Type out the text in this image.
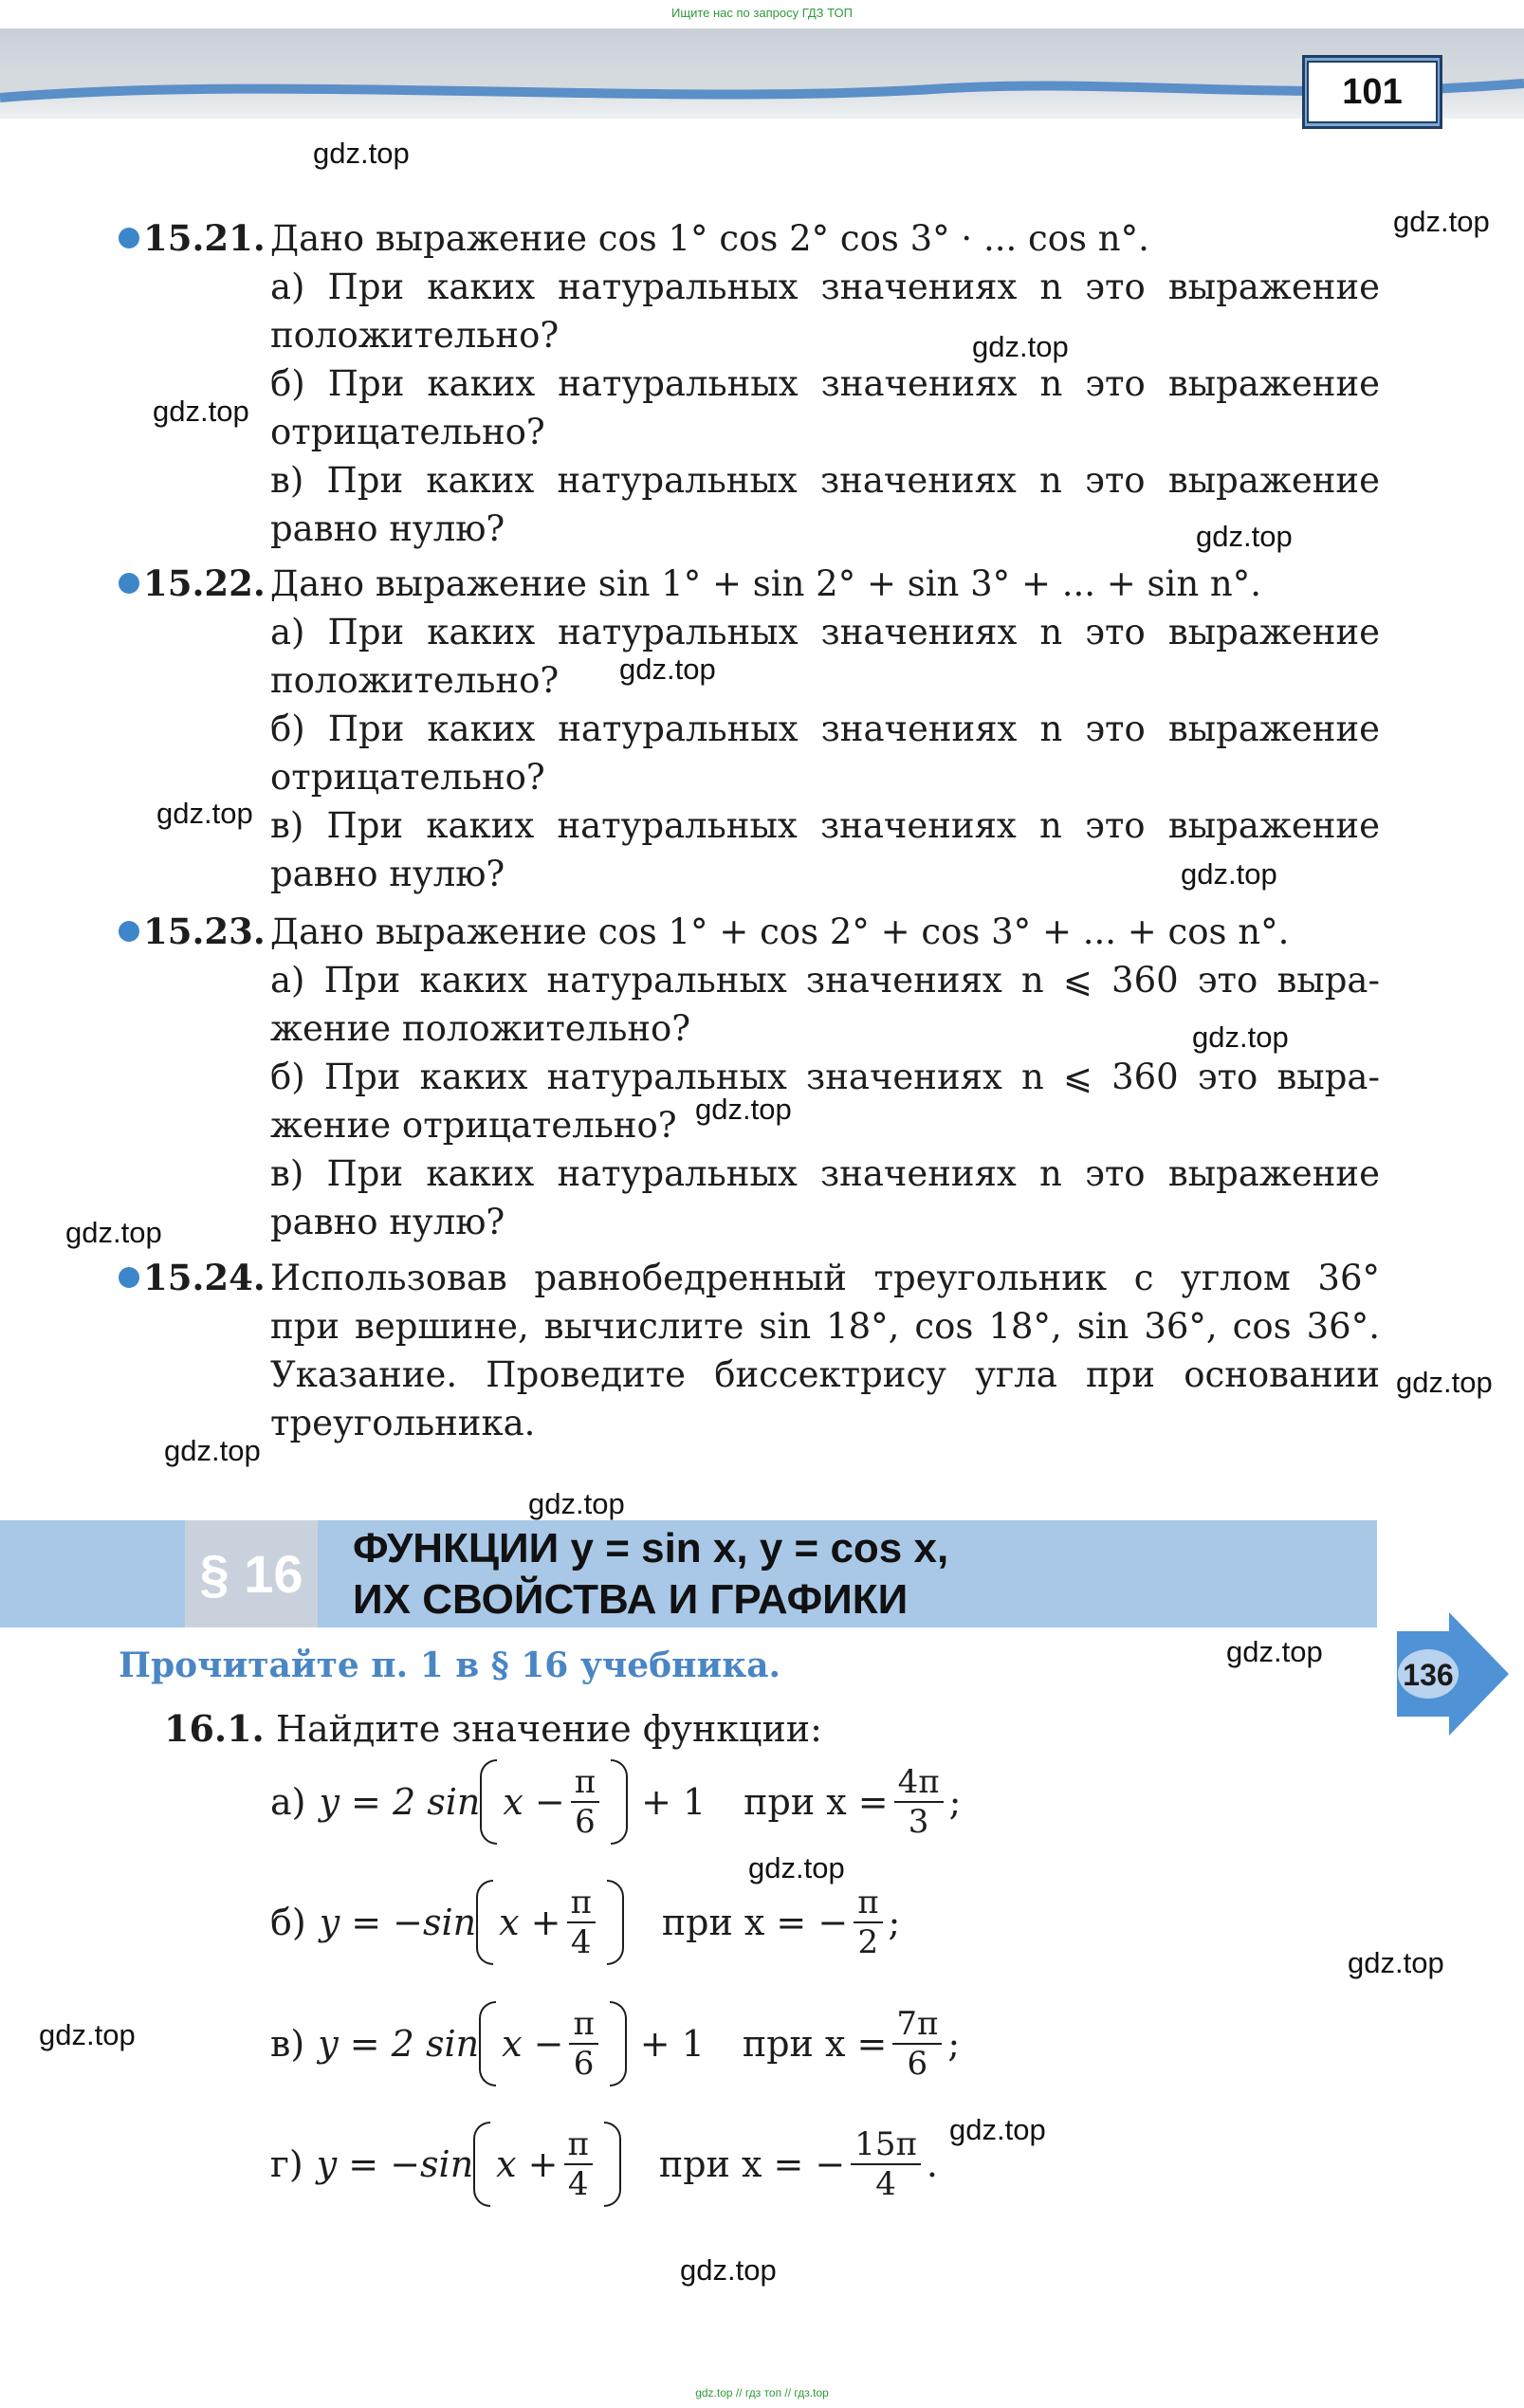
Ищите нас по запросу ГДЗ ТОП
101
15.21. Дано выражение cos 1° cos 2° cos 3° · ... cos n°.
а) При каких натуральных значениях n это выражение
положительно?
б) При каких натуральных значениях n это выражение
отрицательно?
в) При каких натуральных значениях n это выражение
равно нулю?
15.22. Дано выражение sin 1° + sin 2° + sin 3° + ... + sin n°.
а) При каких натуральных значениях n это выражение
положительно?
б) При каких натуральных значениях n это выражение
отрицательно?
в) При каких натуральных значениях n это выражение
равно нулю?
15.23. Дано выражение cos 1° + cos 2° + cos 3° + ... + cos n°.
а) При каких натуральных значениях n ⩽ 360 это выра-
жение положительно?
б) При каких натуральных значениях n ⩽ 360 это выра-
жение отрицательно?
в) При каких натуральных значениях n это выражение
равно нулю?
15.24. Использовав равнобедренный треугольник с углом 36°
при вершине, вычислите sin 18°, cos 18°, sin 36°, cos 36°.
Указание. Проведите биссектрису угла при основании
треугольника.
§ 16	ФУНКЦИИ y = sin x, y = cos x,
ИХ СВОЙСТВА И ГРАФИКИ
Прочитайте п. 1 в § 16 учебника.	136
16.1. Найдите значение функции:
а) y = 2 $\sin x - \frac{\pi}{6} + 1$ при $x = \frac{4\pi}{3}$ ;
б) y = −sin $x + \frac{\pi}{4}$ при x = − $\frac{\pi}{2}$ ;
в) y = 2 $\sin x - \frac{\pi}{6} + 1$ при $x = \frac{7\pi}{6}$ ;
г) y = −sin $x + \frac{\pi}{4}$ при x = − $\frac{15\pi}{4}$ .
gdz.top
gdz.top
gdz.top
gdz.top
gdz.top
gdz.top
gdz.top
gdz.top
gdz.top
gdz.top
gdz.top
gdz.top
gdz.top
gdz.top
gdz.top
gdz.top
gdz.top
gdz.top
gdz.top
gdz.top
gdz.top // гдз топ // гдз.top
